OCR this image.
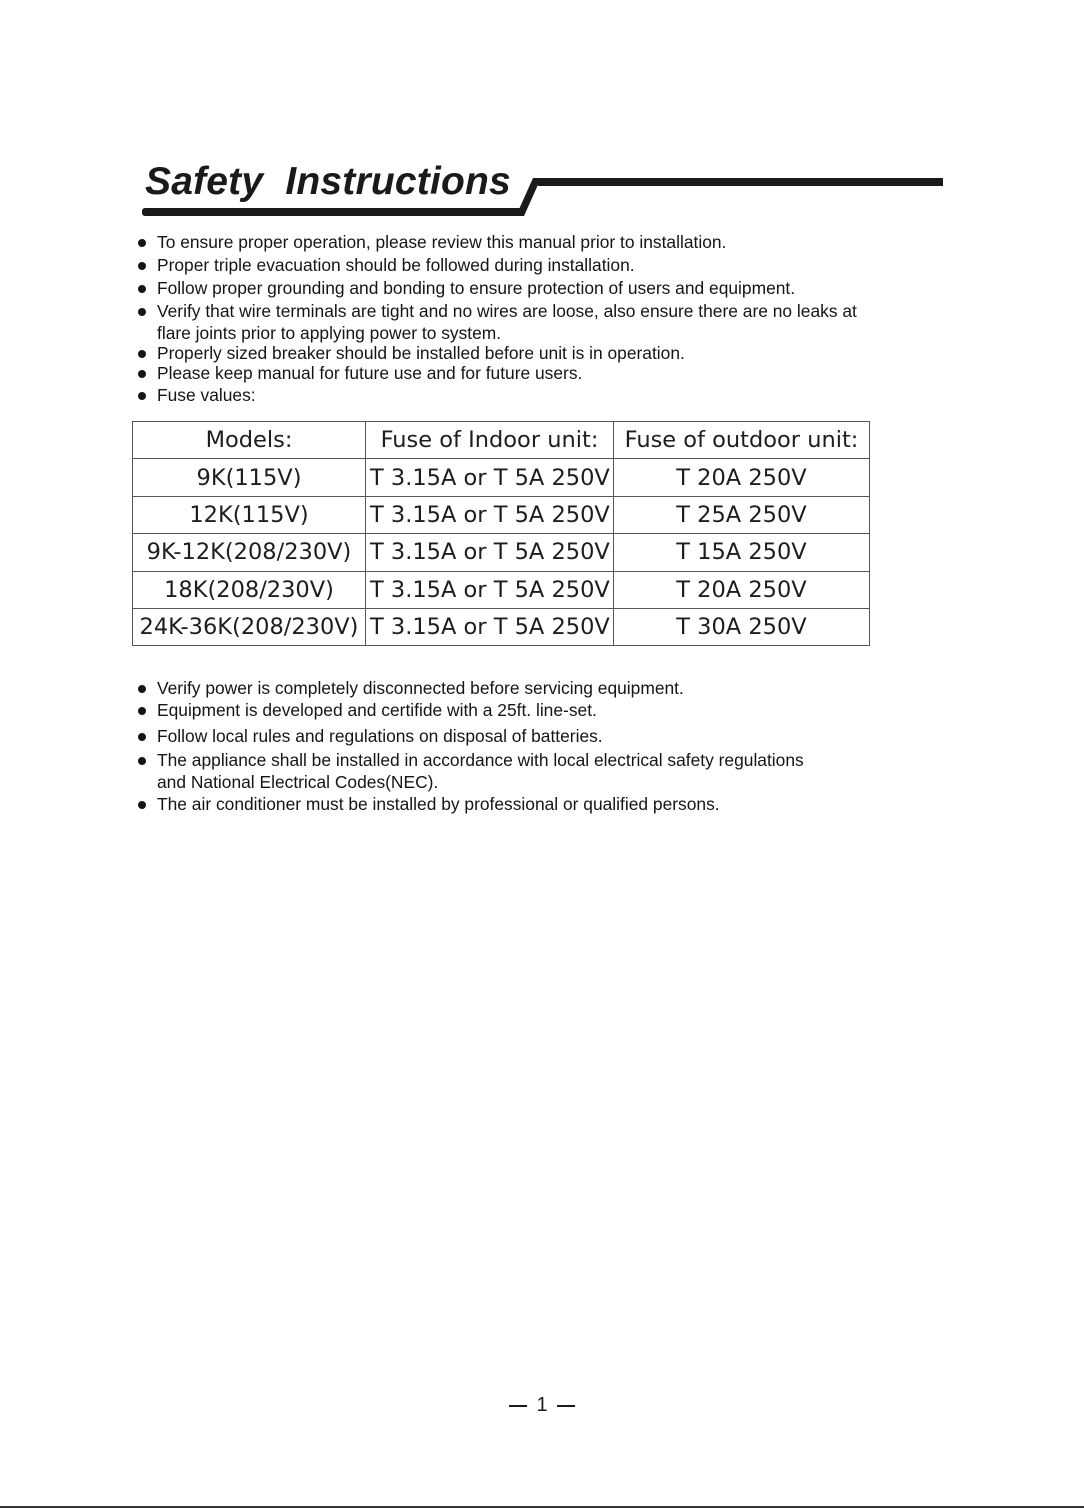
Safety  Instructions
To ensure proper operation, please review this manual prior to installation.
Proper triple evacuation should be followed during installation.
Follow proper grounding and bonding to ensure protection of users and equipment.
Verify that wire terminals are tight and no wires are loose, also ensure there are no leaks at flare joints prior to applying power to system.
Properly sized breaker should be installed before unit is in operation.
Please keep manual for future use and for future users.
Fuse values:
Models:	Fuse of Indoor unit:	Fuse of outdoor unit:
9K(115V)	T 3.15A or T 5A 250V	T 20A 250V
12K(115V)	T 3.15A or T 5A 250V	T 25A 250V
9K-12K(208/230V)	T 3.15A or T 5A 250V	T 15A 250V
18K(208/230V)	T 3.15A or T 5A 250V	T 20A 250V
24K-36K(208/230V)	T 3.15A or T 5A 250V	T 30A 250V
Verify power is completely disconnected before servicing equipment.
Equipment is developed and certifide with a 25ft. line-set.
Follow local rules and regulations on disposal of batteries.
The appliance shall be installed in accordance with local electrical safety regulations and National Electrical Codes(NEC).
The air conditioner must be installed by professional or qualified persons.
1
